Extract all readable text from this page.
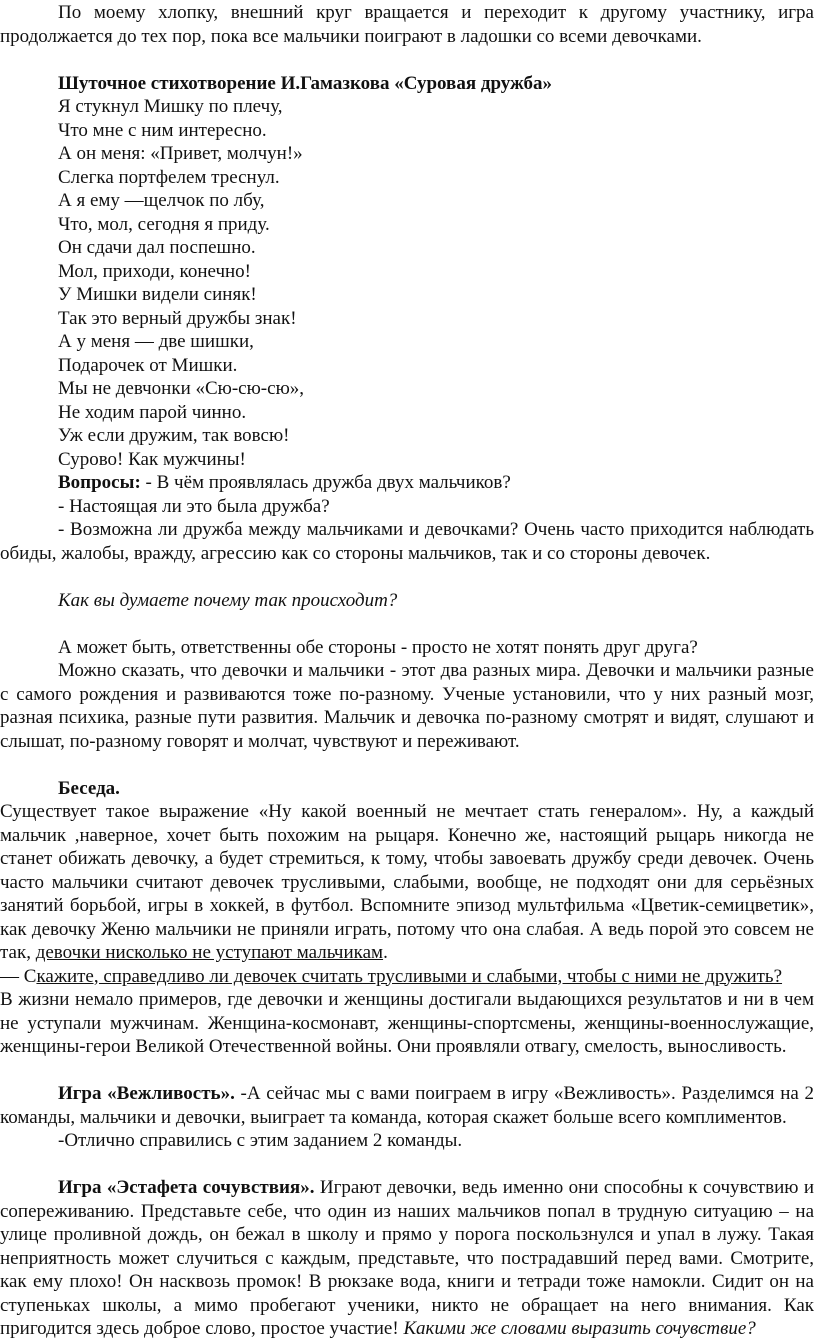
По моему хлопку, внешний круг вращается и переходит к другому участнику, игра продолжается до тех пор, пока все мальчики поиграют в ладошки со всеми девочками.

Шуточное стихотворение И.Гамазкова «Суровая дружба»

Я стукнул Мишку по плечу,

Что мне с ним интересно.

А он меня: «Привет, молчун!»

Слегка портфелем треснул.

А я ему —щелчок по лбу,

Что, мол, сегодня я приду.

Он сдачи дал поспешно.

Мол, приходи, конечно!

У Мишки видели синяк!

Так это верный дружбы знак!

А у меня — две шишки,

Подарочек от Мишки.

Мы не девчонки «Сю-сю-сю»,

Не ходим парой чинно.

Уж если дружим, так вовсю!

Сурово! Как мужчины!

Вопросы: - В чём проявлялась дружба двух мальчиков?

- Настоящая ли это была дружба?

- Возможна ли дружба между мальчиками и девочками? Очень часто приходится наблюдать обиды, жалобы, вражду, агрессию как со стороны мальчиков, так и со стороны девочек.

Как вы думаете почему так происходит?

А может быть, ответственны обе стороны - просто не хотят понять друг друга?

Можно сказать, что девочки и мальчики - этот два разных мира. Девочки и мальчики разные с самого рождения и развиваются тоже по-разному. Ученые установили, что у них разный мозг, разная психика, разные пути развития. Мальчик и девочка по-разному смотрят и видят, слушают и слышат, по-разному говорят и молчат, чувствуют и переживают.

Беседа.

Существует такое выражение «Ну какой военный не мечтает стать генералом». Ну, а каждый мальчик ,наверное, хочет быть похожим на рыцаря. Конечно же, настоящий рыцарь никогда не станет обижать девочку, а будет стремиться, к тому, чтобы завоевать дружбу среди девочек. Очень часто мальчики считают девочек трусливыми, слабыми, вообще, не подходят они для серьёзных занятий борьбой, игры в хоккей, в футбол. Вспомните эпизод мультфильма «Цветик-семицветик», как девочку Женю мальчики не приняли играть, потому что она слабая. А ведь порой это совсем не так, девочки нисколько не уступают мальчикам.

— Скажите, справедливо ли девочек считать трусливыми и слабыми, чтобы с ними не дружить?

В жизни немало примеров, где девочки и женщины достигали выдающихся результатов и ни в чем не уступали мужчинам. Женщина-космонавт, женщины-спортсмены, женщины-военнослужащие, женщины-герои Великой Отечественной войны. Они проявляли отвагу, смелость, выносливость.

Игра «Вежливость». -А сейчас мы с вами поиграем в игру «Вежливость». Разделимся на 2 команды, мальчики и девочки, выиграет та команда, которая скажет больше всего комплиментов.

-Отлично справились с этим заданием 2 команды.

Игра «Эстафета сочувствия». Играют девочки, ведь именно они способны к сочувствию и сопереживанию. Представьте себе, что один из наших мальчиков попал в трудную ситуацию – на улице проливной дождь, он бежал в школу и прямо у порога поскользнулся и упал в лужу. Такая неприятность может случиться с каждым, представьте, что пострадавший перед вами. Смотрите, как ему плохо! Он насквозь промок! В рюкзаке вода, книги и тетради тоже намокли. Сидит он на ступеньках школы, а мимо пробегают ученики, никто не обращает на него внимания. Как пригодится здесь доброе слово, простое участие! Какими же словами выразить сочувствие?
